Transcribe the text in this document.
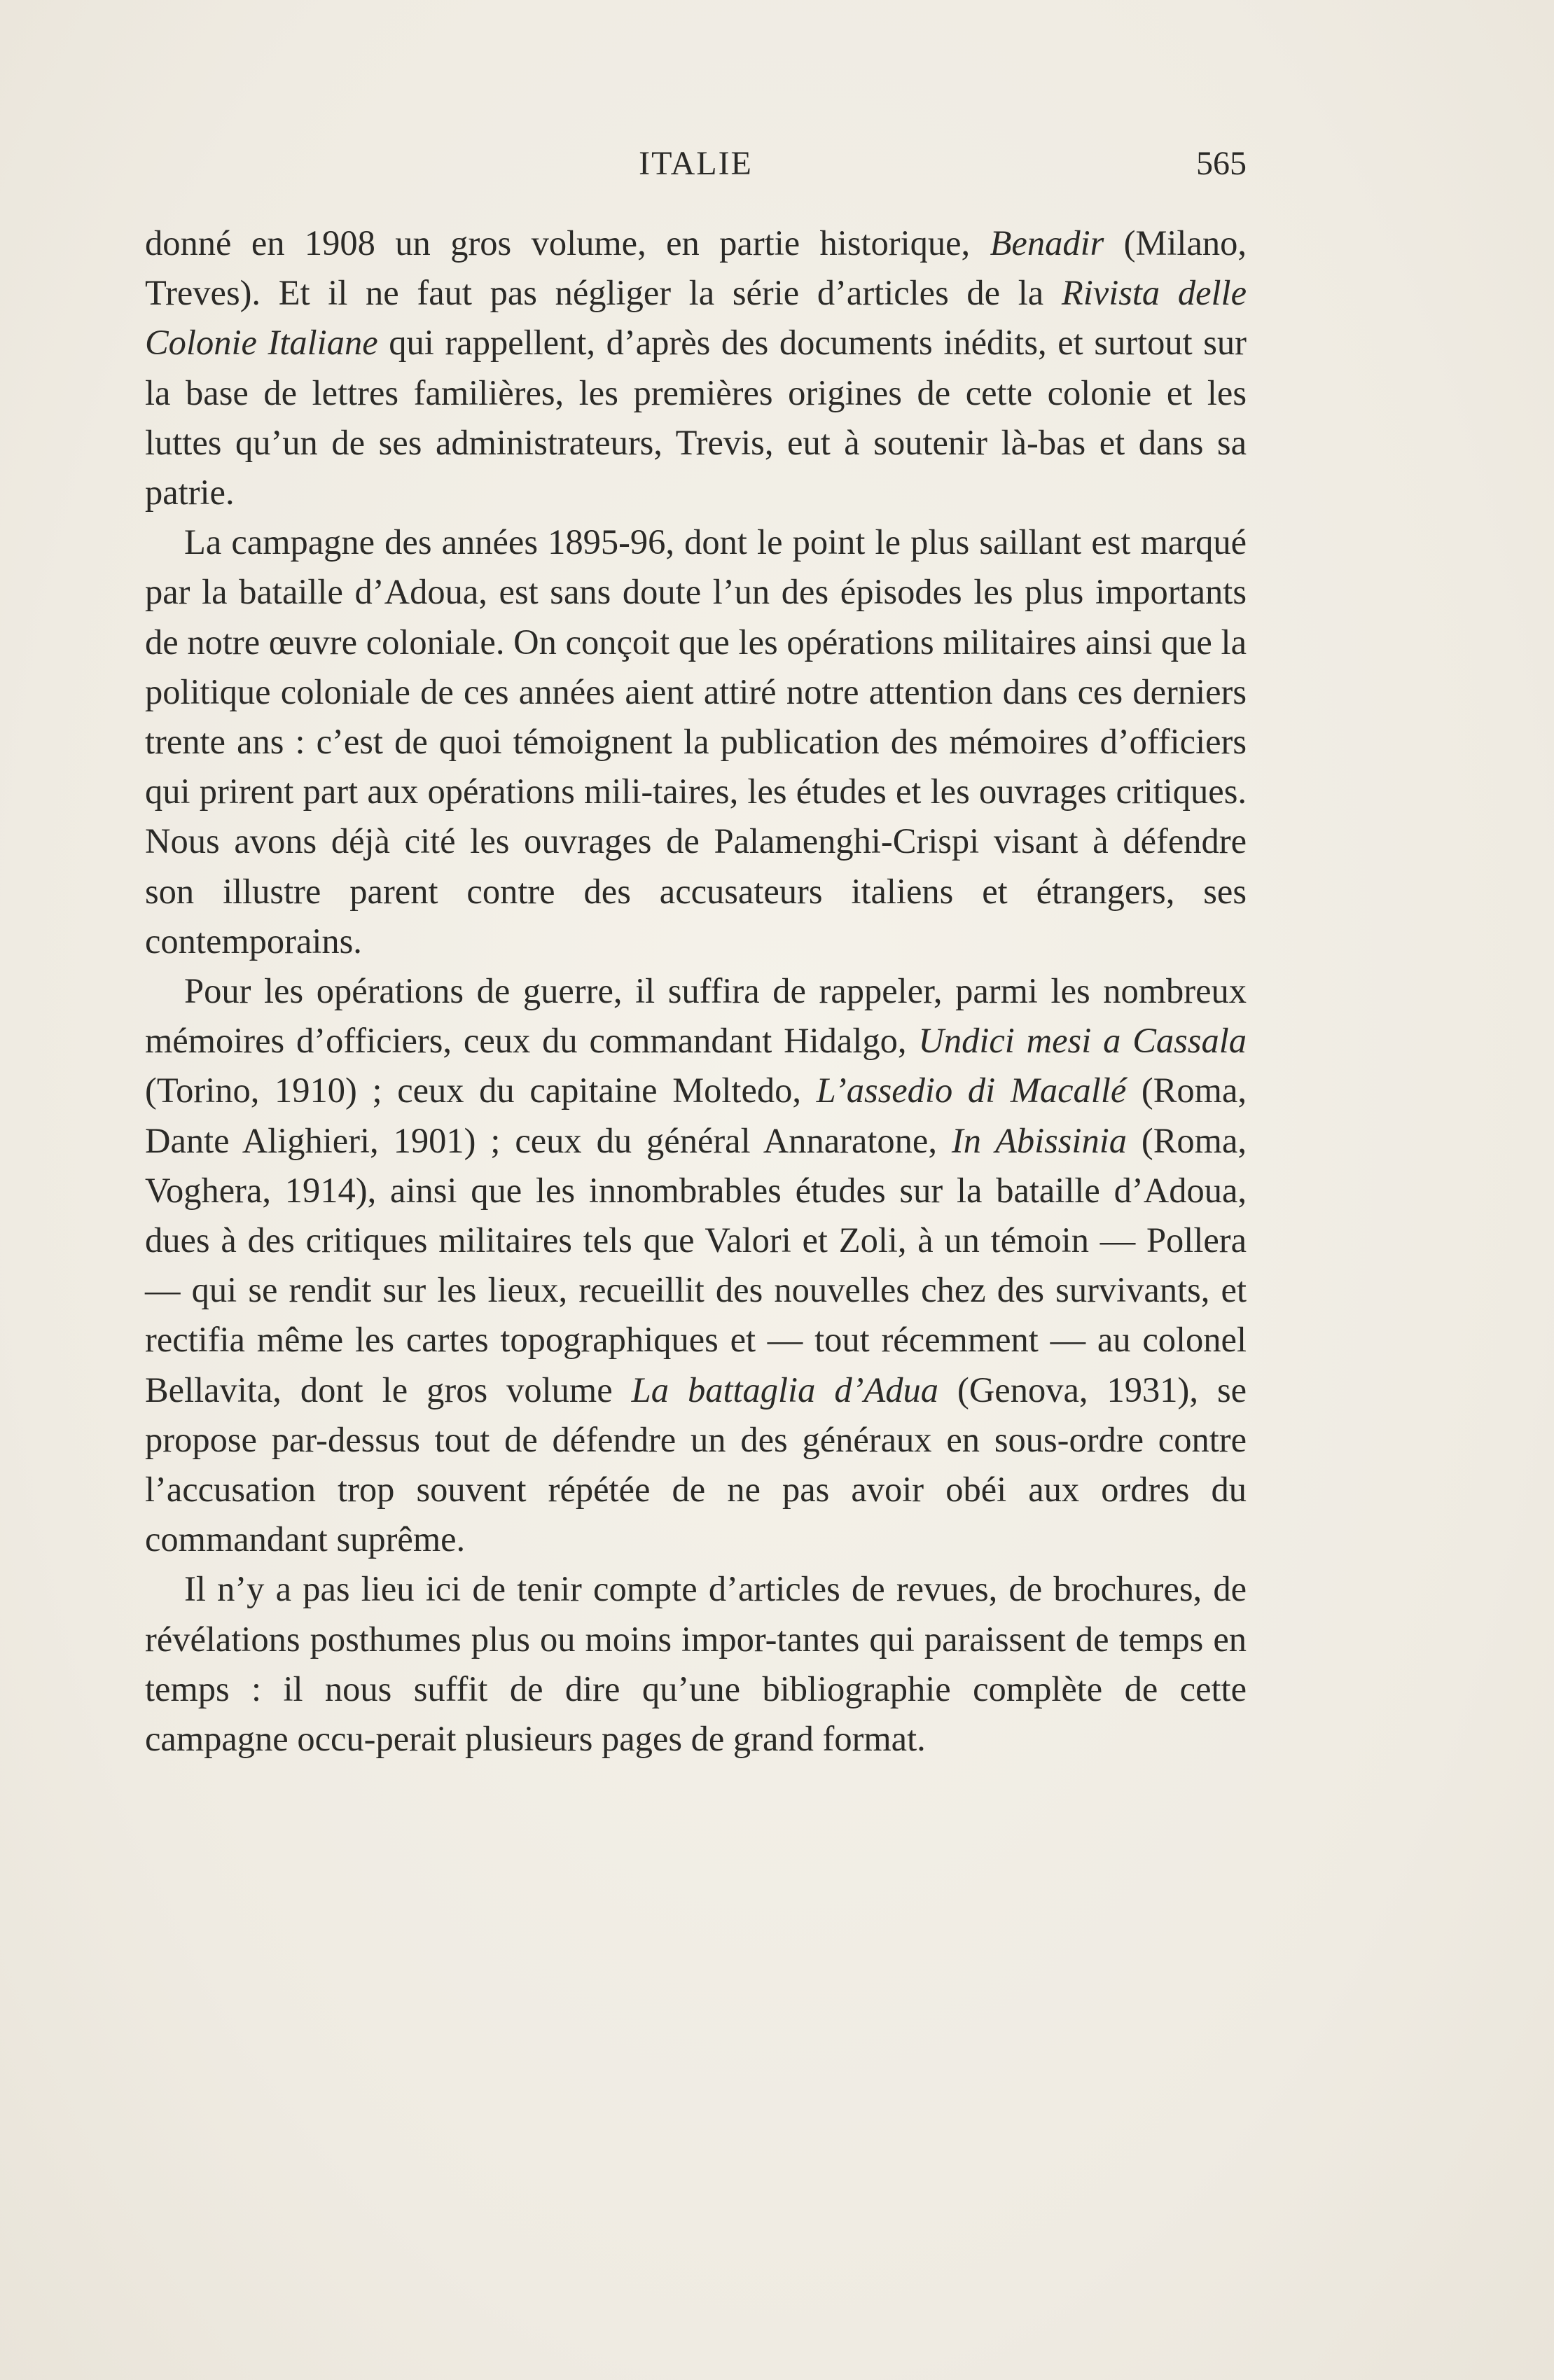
ITALIE	565

donné en 1908 un gros volume, en partie historique, Benadir (Milano, Treves). Et il ne faut pas négliger la série d’articles de la Rivista delle Colonie Italiane qui rappellent, d’après des documents inédits, et surtout sur la base de lettres familières, les premières origines de cette colonie et les luttes qu’un de ses administrateurs, Trevis, eut à soutenir là-bas et dans sa patrie.

La campagne des années 1895-96, dont le point le plus saillant est marqué par la bataille d’Adoua, est sans doute l’un des épisodes les plus importants de notre œuvre coloniale. On conçoit que les opérations militaires ainsi que la politique coloniale de ces années aient attiré notre attention dans ces derniers trente ans : c’est de quoi témoignent la publication des mémoires d’officiers qui prirent part aux opérations mili-taires, les études et les ouvrages critiques. Nous avons déjà cité les ouvrages de Palamenghi-Crispi visant à défendre son illustre parent contre des accusateurs italiens et étrangers, ses contemporains.

Pour les opérations de guerre, il suffira de rappeler, parmi les nombreux mémoires d’officiers, ceux du commandant Hidalgo, Undici mesi a Cassala (Torino, 1910) ; ceux du capitaine Moltedo, L’assedio di Macallé (Roma, Dante Alighieri, 1901) ; ceux du général Annaratone, In Abissinia (Roma, Voghera, 1914), ainsi que les innombrables études sur la bataille d’Adoua, dues à des critiques militaires tels que Valori et Zoli, à un témoin — Pollera — qui se rendit sur les lieux, recueillit des nouvelles chez des survivants, et rectifia même les cartes topographiques et — tout récemment — au colonel Bellavita, dont le gros volume La battaglia d’Adua (Genova, 1931), se propose par-dessus tout de défendre un des généraux en sous-ordre contre l’accusation trop souvent répétée de ne pas avoir obéi aux ordres du commandant suprême.

Il n’y a pas lieu ici de tenir compte d’articles de revues, de brochures, de révélations posthumes plus ou moins impor-tantes qui paraissent de temps en temps : il nous suffit de dire qu’une bibliographie complète de cette campagne occu-perait plusieurs pages de grand format.
